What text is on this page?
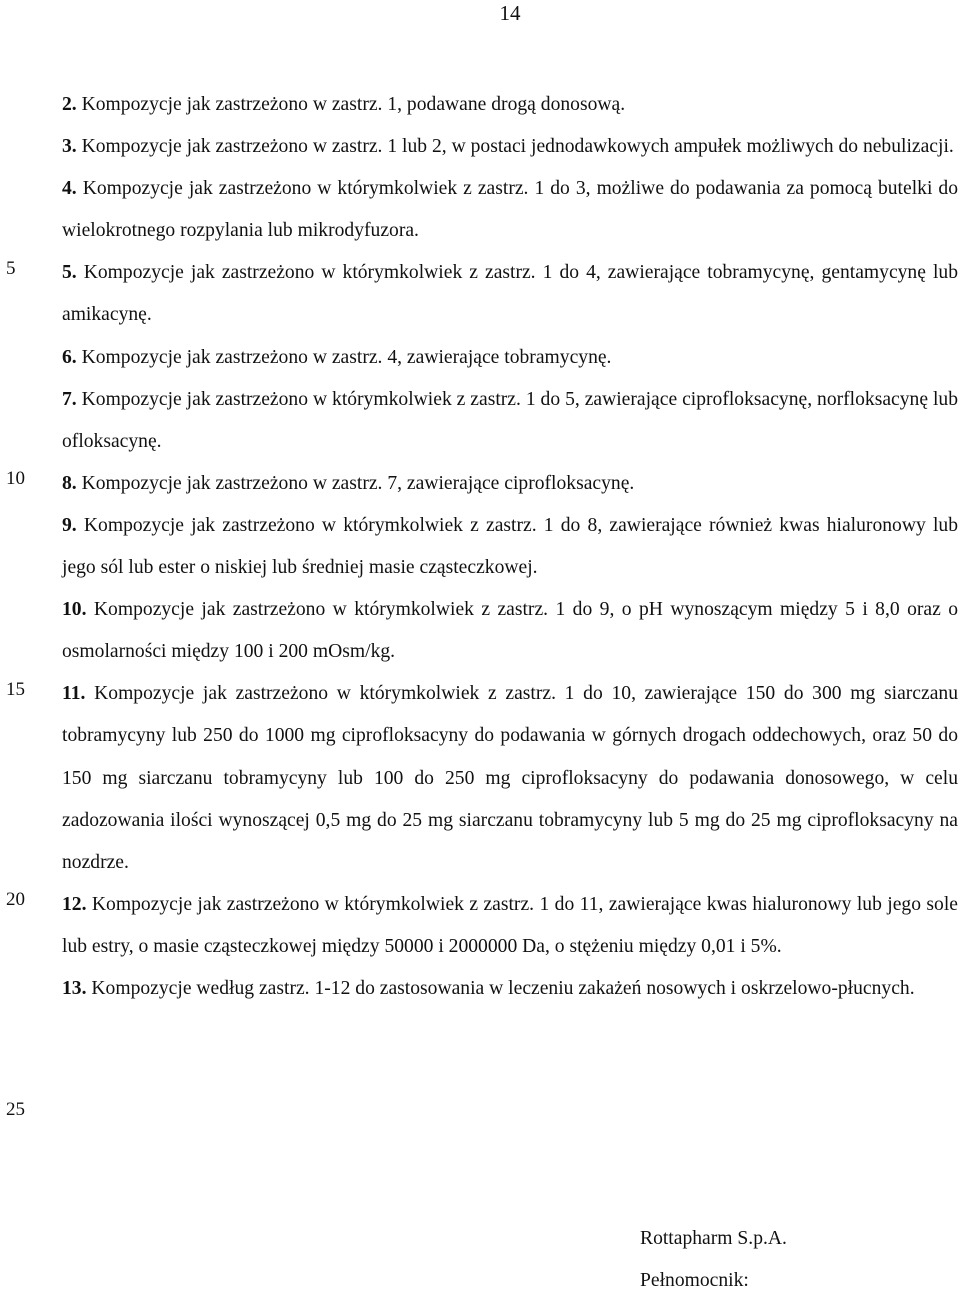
14
5
10
15
20
25

2. Kompozycje jak zastrzeżono w zastrz. 1, podawane drogą donosową.

3. Kompozycje jak zastrzeżono w zastrz. 1 lub 2, w postaci jednodawkowych ampułek możliwych do nebulizacji.

4. Kompozycje jak zastrzeżono w którymkolwiek z zastrz. 1 do 3, możliwe do podawania za pomocą butelki do wielokrotnego rozpylania lub mikrodyfuzora.

5. Kompozycje jak zastrzeżono w którymkolwiek z zastrz. 1 do 4, zawierające tobramycynę, gentamycynę lub amikacynę.

6. Kompozycje jak zastrzeżono w zastrz. 4, zawierające tobramycynę.

7. Kompozycje jak zastrzeżono w którymkolwiek z zastrz. 1 do 5, zawierające ciprofloksacynę, norfloksacynę lub ofloksacynę.

8. Kompozycje jak zastrzeżono w zastrz. 7, zawierające ciprofloksacynę.

9. Kompozycje jak zastrzeżono w którymkolwiek z zastrz. 1 do 8, zawierające również kwas hialuronowy lub jego sól lub ester o niskiej lub średniej masie cząsteczkowej.

10. Kompozycje jak zastrzeżono w którymkolwiek z zastrz. 1 do 9, o pH wynoszącym między 5 i 8,0 oraz o osmolarności między 100 i 200 mOsm/kg.

11. Kompozycje jak zastrzeżono w którymkolwiek z zastrz. 1 do 10, zawierające 150 do 300 mg siarczanu tobramycyny lub 250 do 1000 mg ciprofloksacyny do podawania w górnych drogach oddechowych, oraz 50 do 150 mg siarczanu tobramycyny lub 100 do 250 mg ciprofloksacyny do podawania donosowego, w celu zadozowania ilości wynoszącej 0,5 mg do 25 mg siarczanu tobramycyny lub 5 mg do 25 mg ciprofloksacyny na nozdrze.

12. Kompozycje jak zastrzeżono w którymkolwiek z zastrz. 1 do 11, zawierające kwas hialuronowy lub jego sole lub estry, o masie cząsteczkowej między 50000 i 2000000 Da, o stężeniu między 0,01 i 5%.

13. Kompozycje według zastrz. 1-12 do zastosowania w leczeniu zakażeń nosowych i oskrzelowo-płucnych.

Rottapharm S.p.A.
Pełnomocnik:
